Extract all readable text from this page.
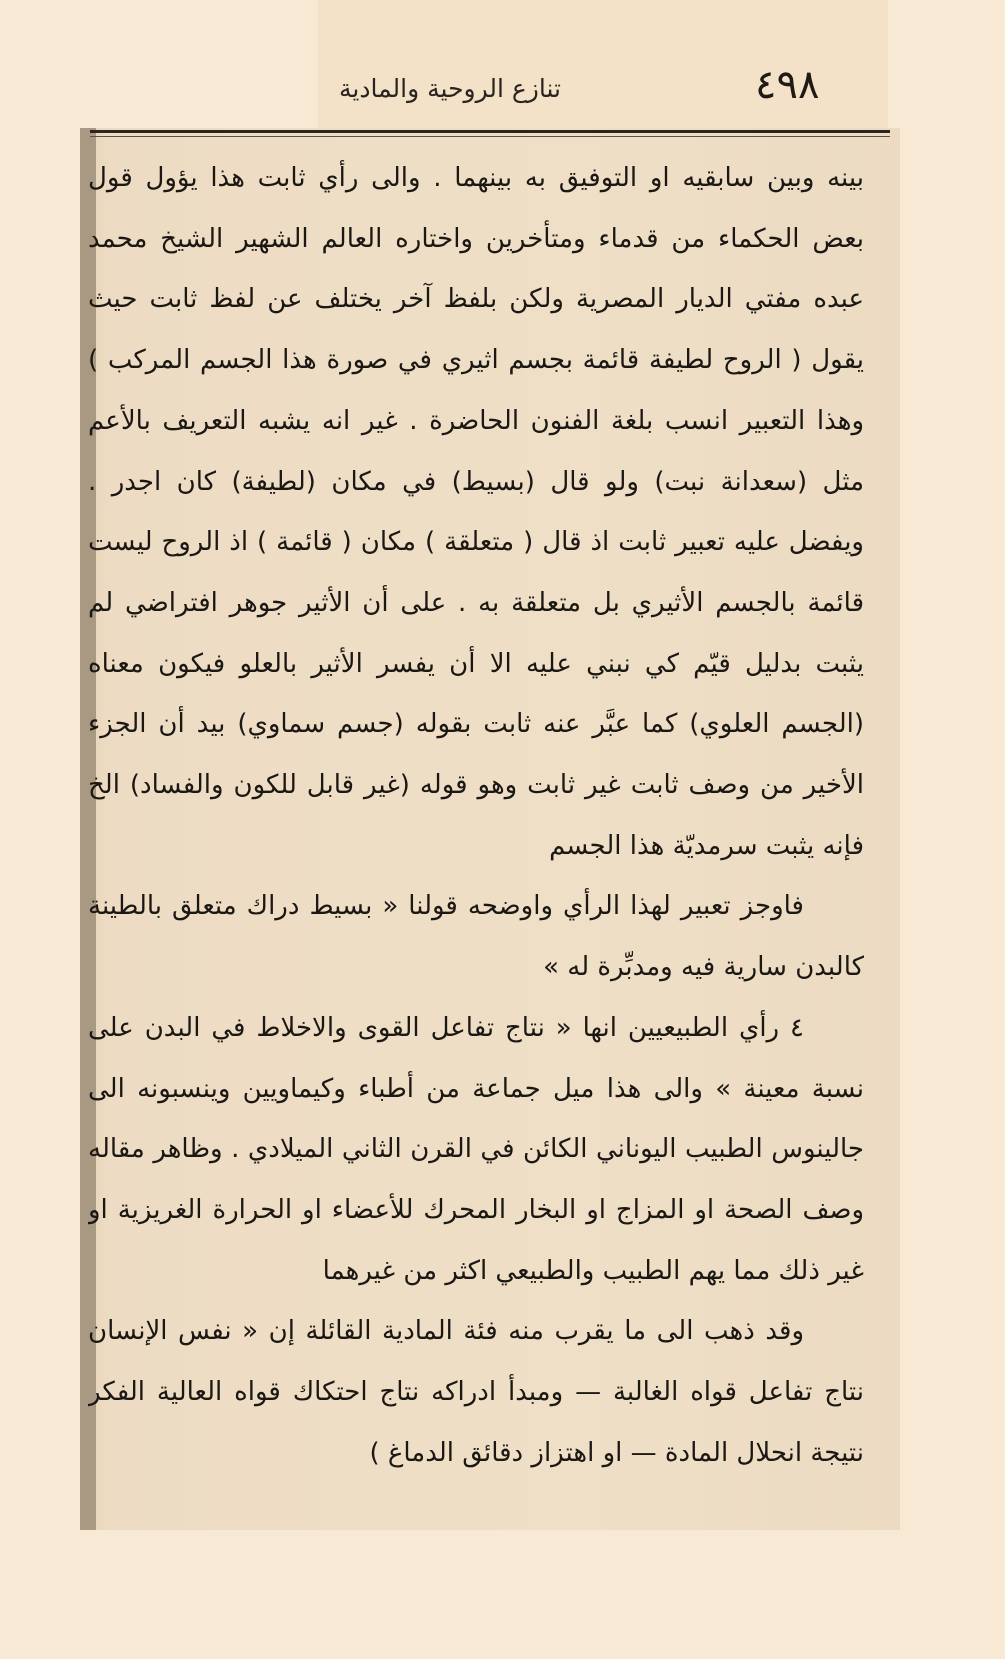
٤٩٨
تنازع الروحية والمادية

بينه وبين سابقيه او التوفيق به بينهما . والى رأي ثابت هذا يؤول قول بعض الحكماء من قدماء ومتأخرين واختاره العالم الشهير الشيخ محمد عبده مفتي الديار المصرية ولكن بلفظ آخر يختلف عن لفظ ثابت حيث يقول ( الروح لطيفة قائمة بجسم اثيري في صورة هذا الجسم المركب ) وهذا التعبير انسب بلغة الفنون الحاضرة . غير انه يشبه التعريف بالأعم مثل (سعدانة نبت) ولو قال (بسيط) في مكان (لطيفة) كان اجدر . ويفضل عليه تعبير ثابت اذ قال ( متعلقة ) مكان ( قائمة ) اذ الروح ليست قائمة بالجسم الأثيري بل متعلقة به . على أن الأثير جوهر افتراضي لم يثبت بدليل قيّم كي نبني عليه الا أن يفسر الأثير بالعلو فيكون معناه (الجسم العلوي) كما عبَّر عنه ثابت بقوله (جسم سماوي) بيد أن الجزء الأخير من وصف ثابت غير ثابت وهو قوله (غير قابل للكون والفساد) الخ فإنه يثبت سرمديّة هذا الجسم

فاوجز تعبير لهذا الرأي واوضحه قولنا « بسيط دراك متعلق بالطينة كالبدن سارية فيه ومدبِّرة له »

٤ رأي الطبيعيين انها « نتاج تفاعل القوى والاخلاط في البدن على نسبة معينة » والى هذا ميل جماعة من أطباء وكيماويين وينسبونه الى جالينوس الطبيب اليوناني الكائن في القرن الثاني الميلادي . وظاهر مقاله وصف الصحة او المزاج او البخار المحرك للأعضاء او الحرارة الغريزية او غير ذلك مما يهم الطبيب والطبيعي اكثر من غيرهما

وقد ذهب الى ما يقرب منه فئة المادية القائلة إن « نفس الإنسان نتاج تفاعل قواه الغالبة — ومبدأ ادراكه نتاج احتكاك قواه العالية الفكر نتيجة انحلال المادة — او اهتزاز دقائق الدماغ )
